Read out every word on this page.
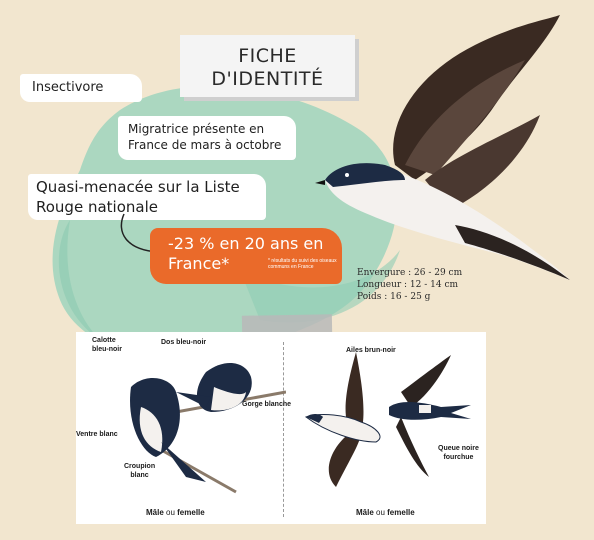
FICHE
D'IDENTITÉ
Insectivore
Migratrice présente en
France de mars à octobre
Quasi-menacée sur la Liste
Rouge nationale
-23 % en 20 ans en
France*	* résultats du suivi des oiseaux
communs en France
Envergure : 26 - 29 cm
Longueur : 12 - 14 cm
Poids : 16 - 25 g
Calotte
bleu-noir
Dos bleu-noir
Gorge blanche
Ventre blanc
Croupion
blanc
Mâle ou femelle
Ailes brun-noir
Queue noire
fourchue
Mâle ou femelle
